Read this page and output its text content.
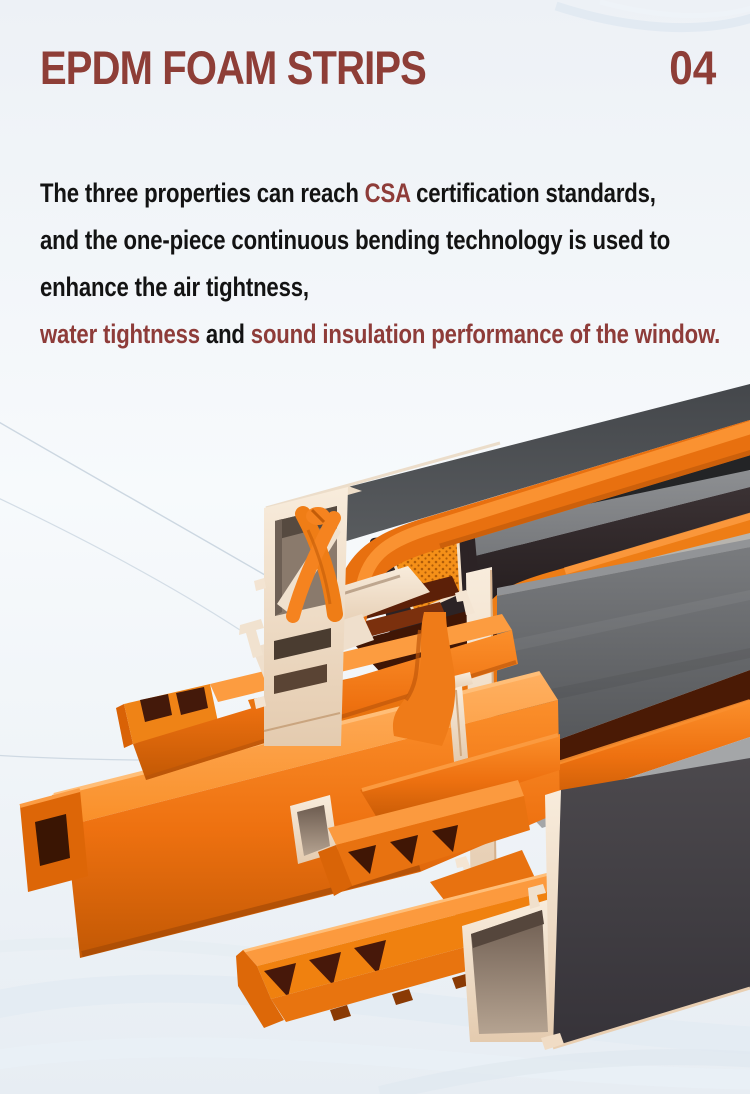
EPDM FOAM STRIPS	04
The three properties can reach CSA certification standards,
and the one-piece continuous bending technology is used to
enhance the air tightness,
water tightness and sound insulation performance of the window.
